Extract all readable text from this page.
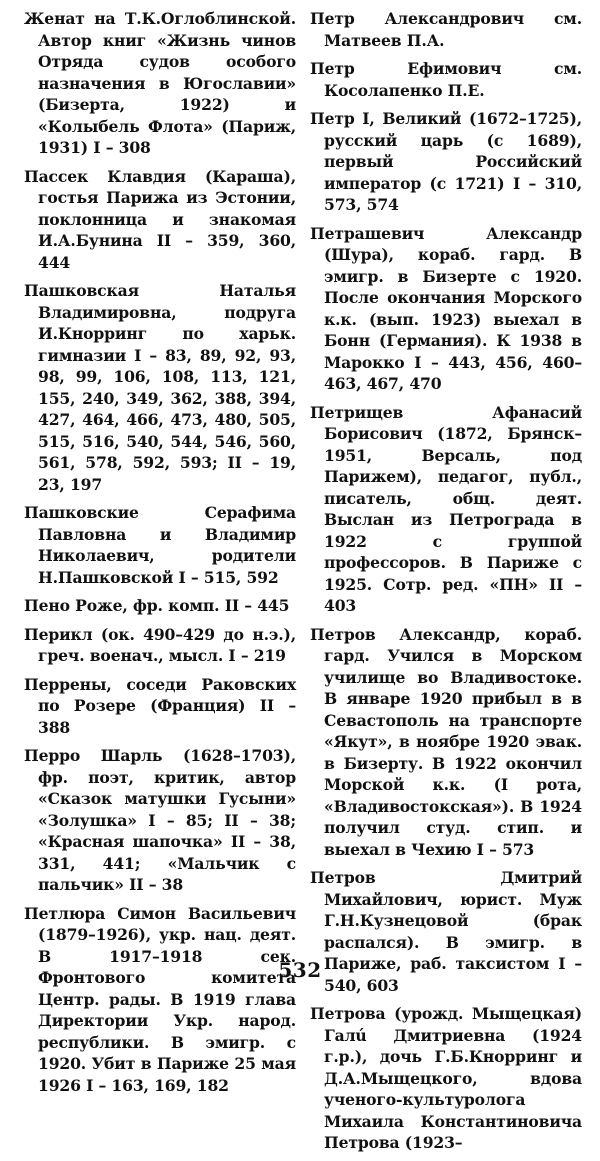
Женат на Т.К.Оглоблинской. Автор книг «Жизнь чинов Отряда судов особого назначения в Югославии» (Бизерта, 1922) и «Колыбель Флота» (Париж, 1931) I – 308

Пассек Клавдия (Караша), гостья Парижа из Эстонии, поклонница и знакомая И.А.Бунина II – 359, 360, 444

Пашковская Наталья Владимировна, подруга И.Кнорринг по харьк. гимназии I – 83, 89, 92, 93, 98, 99, 106, 108, 113, 121, 155, 240, 349, 362, 388, 394, 427, 464, 466, 473, 480, 505, 515, 516, 540, 544, 546, 560, 561, 578, 592, 593; II – 19, 23, 197

Пашковские Серафима Павловна и Владимир Николаевич, родители Н.Пашковской I – 515, 592

Пено Роже, фр. комп. II – 445

Перикл (ок. 490–429 до н.э.), греч. военач., мысл. I – 219

Перрены, соседи Раковских по Розере (Франция) II – 388

Перро Шарль (1628–1703), фр. поэт, критик, автор «Сказок матушки Гусыни» «Золушка» I – 85; II – 38; «Красная шапочка» II – 38, 331, 441; «Мальчик с пальчик» II – 38

Петлюра Симон Васильевич (1879–1926), укр. нац. деят. В 1917–1918 сек. Фронтового комитета Центр. рады. В 1919 глава Директории Укр. народ. республики. В эмигр. с 1920. Убит в Париже 25 мая 1926 I – 163, 169, 182

Петр Александрович см. Матвеев П.А.

Петр Ефимович см. Косолапенко П.Е.

Петр I, Великий (1672–1725), русский царь (с 1689), первый Российский император (с 1721) I – 310, 573, 574

Петрашевич Александр (Шура), кораб. гард. В эмигр. в Бизерте с 1920. После окончания Морского к.к. (вып. 1923) выехал в Бонн (Германия). К 1938 в Марокко I – 443, 456, 460–463, 467, 470

Петрищев Афанасий Борисович (1872, Брянск–1951, Версаль, под Парижем), педагог, публ., писатель, общ. деят. Выслан из Петрограда в 1922 с группой профессоров. В Париже с 1925. Сотр. ред. «ПН» II – 403

Петров Александр, кораб. гард. Учился в Морском училище во Владивостоке. В январе 1920 прибыл в в Севастополь на транспорте «Якут», в ноябре 1920 эвак. в Бизерту. В 1922 окончил Морской к.к. (I рота, «Владивостокская»). В 1924 получил студ. стип. и выехал в Чехию I – 573

Петров Дмитрий Михайлович, юрист. Муж Г.Н.Кузнецовой (брак распался). В эмигр. в Париже, раб. таксистом I – 540, 603

Петрова (урожд. Мыщецкая) Галú Дмитриевна (1924 г.р.), дочь Г.Б.Кнорринг и Д.А.Мыщецкого, вдова ученого-культуролога Михаила Константиновича Петрова (1923–

532
